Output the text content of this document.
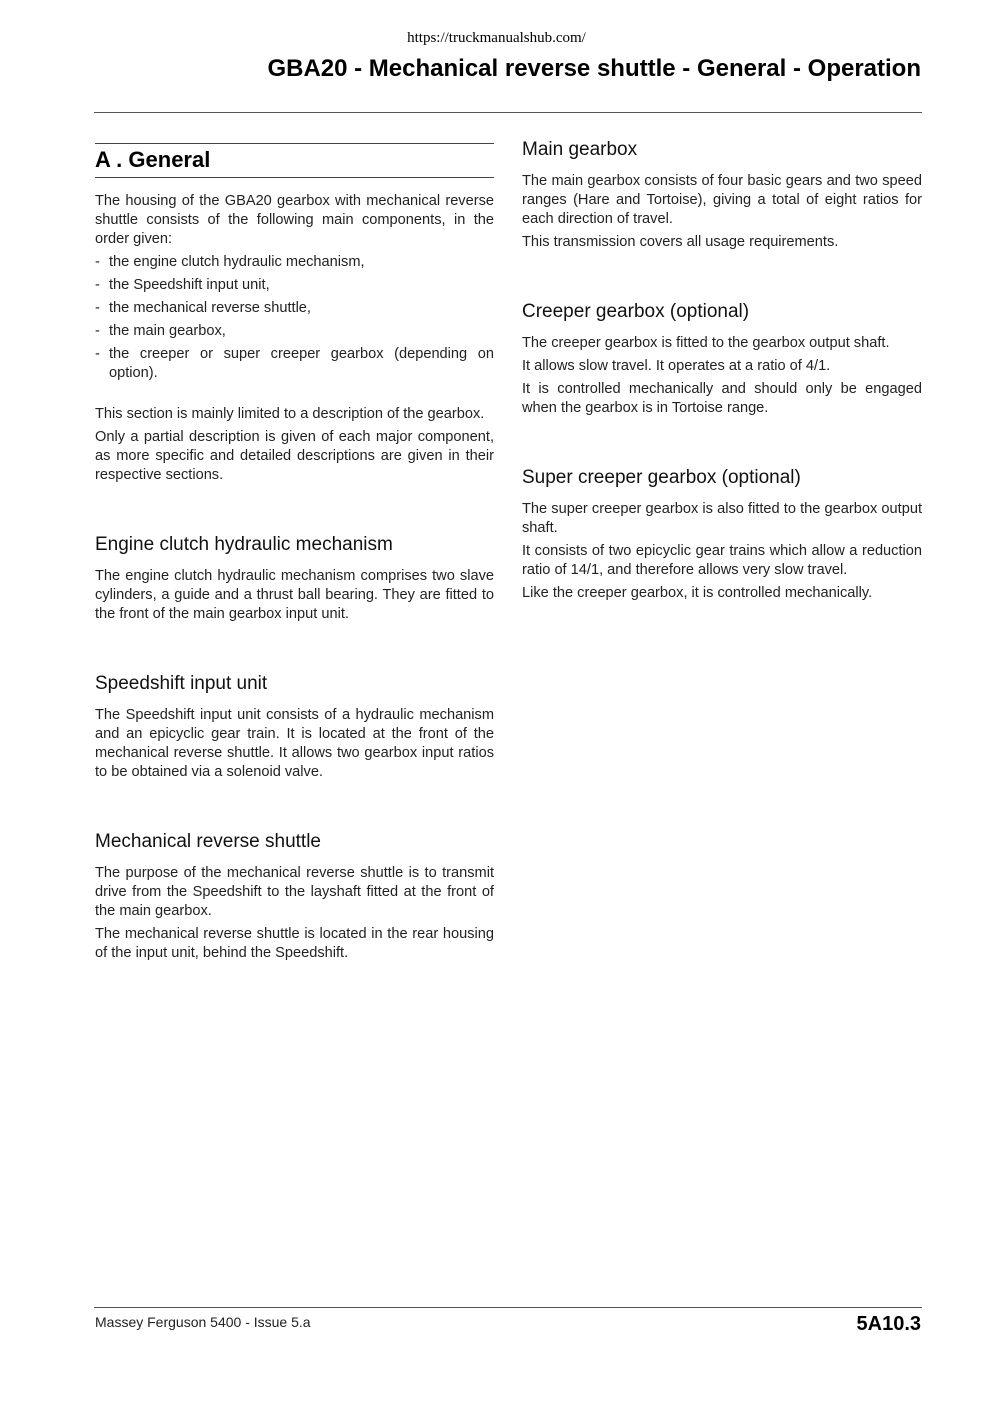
https://truckmanualshub.com/
GBA20 - Mechanical reverse shuttle - General - Operation
A . General

The housing of the GBA20 gearbox with mechanical reverse shuttle consists of the following main components, in the order given:

- the engine clutch hydraulic mechanism,
- the Speedshift input unit,
- the mechanical reverse shuttle,
- the main gearbox,
- the creeper or super creeper gearbox (depending on option).

This section is mainly limited to a description of the gearbox.

Only a partial description is given of each major component, as more specific and detailed descriptions are given in their respective sections.

Engine clutch hydraulic mechanism

The engine clutch hydraulic mechanism comprises two slave cylinders, a guide and a thrust ball bearing. They are fitted to the front of the main gearbox input unit.

Speedshift input unit

The Speedshift input unit consists of a hydraulic mechanism and an epicyclic gear train. It is located at the front of the mechanical reverse shuttle. It allows two gearbox input ratios to be obtained via a solenoid valve.

Mechanical reverse shuttle

The purpose of the mechanical reverse shuttle is to transmit drive from the Speedshift to the layshaft fitted at the front of the main gearbox.

The mechanical reverse shuttle is located in the rear housing of the input unit, behind the Speedshift.

Main gearbox

The main gearbox consists of four basic gears and two speed ranges (Hare and Tortoise), giving a total of eight ratios for each direction of travel.

This transmission covers all usage requirements.

Creeper gearbox (optional)

The creeper gearbox is fitted to the gearbox output shaft.

It allows slow travel. It operates at a ratio of 4/1.

It is controlled mechanically and should only be engaged when the gearbox is in Tortoise range.

Super creeper gearbox (optional)

The super creeper gearbox is also fitted to the gearbox output shaft.

It consists of two epicyclic gear trains which allow a reduction ratio of 14/1, and therefore allows very slow travel.

Like the creeper gearbox, it is controlled mechanically.

Massey Ferguson 5400 - Issue 5.a	5A10.3
